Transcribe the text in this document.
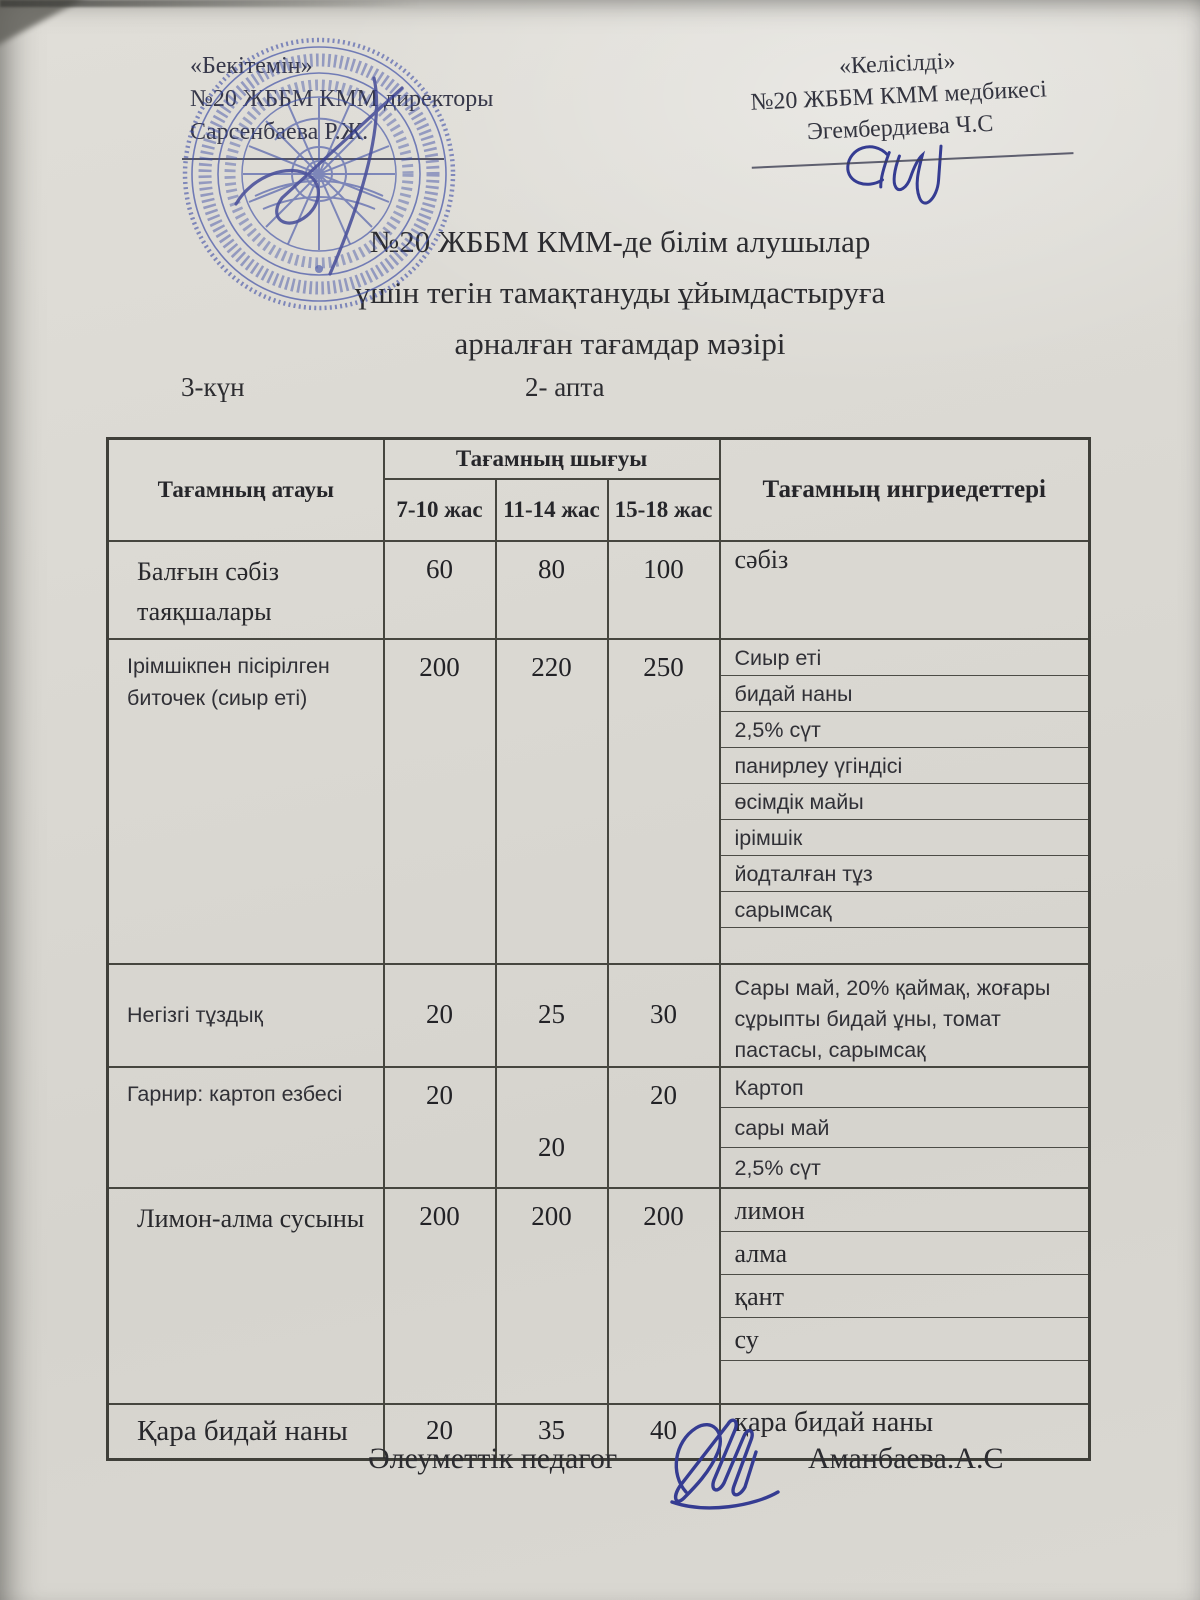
«Бекітемін»
№20 ЖББМ КММ директоры
Сарсенбаева Р.Ж.
«Келісілді»
№20 ЖББМ КММ медбикесі
Эгембердиева Ч.С
№20 ЖББМ КММ-де білім алушылар
үшін тегін тамақтануды ұйымдастыруға
арналған тағамдар мәзірі
3-күн	2- апта
Тағамның атауы	Тағамның шығуы			Тағамның ингриедеттері
	7-10 жас	11-14 жас	15-18 жас	
Балғын сәбіз таяқшалары	60	80	100	сәбіз

Ірімшікпен пісірілген биточек (сиыр еті)	200	220	250	Сиыр еті
бидай наны
2,5% сүт
панирлеу үгіндісі
өсімдік майы
ірімшік
йодталған тұз
сарымсақ

Негізгі тұздық	20	25	30	Сары май, 20% қаймақ, жоғары сұрыпты бидай ұны, томат пастасы, сарымсақ

Гарнир: картоп езбесі	20	20	20	Картоп
сары май
2,5% сүт

Лимон-алма сусыны	200	200	200	лимон
алма
қант
су

Қара бидай наны	20	35	40	қара бидай наны
Әлеуметтік педагог	Аманбаева.А.С
